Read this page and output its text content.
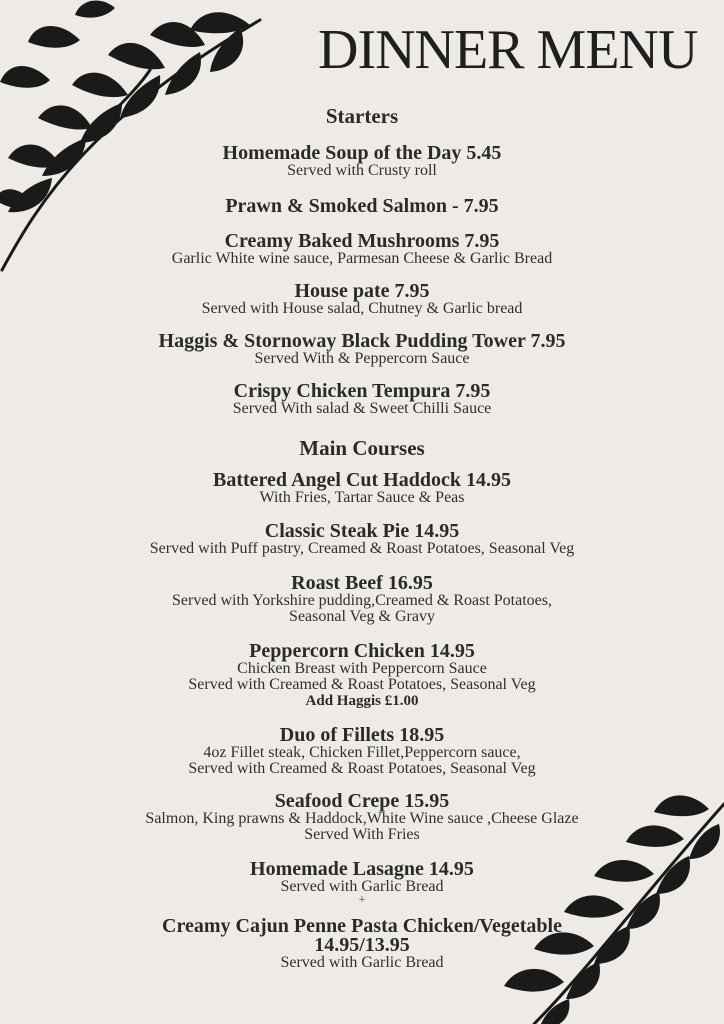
DINNER MENU
Starters
Homemade Soup of the Day 5.45
Served with Crusty roll
Prawn & Smoked Salmon - 7.95
Creamy Baked Mushrooms 7.95
Garlic White wine sauce, Parmesan Cheese & Garlic Bread
House pate 7.95
Served with House salad, Chutney & Garlic bread
Haggis & Stornoway Black Pudding Tower 7.95
Served With & Peppercorn Sauce
Crispy Chicken Tempura 7.95
Served With salad & Sweet Chilli Sauce
Main Courses
Battered Angel Cut Haddock 14.95
With Fries, Tartar Sauce & Peas
Classic Steak Pie 14.95
Served with Puff pastry, Creamed & Roast Potatoes, Seasonal Veg
Roast Beef 16.95
Served with Yorkshire pudding,Creamed & Roast Potatoes,
Seasonal Veg & Gravy
Peppercorn Chicken 14.95
Chicken Breast with Peppercorn Sauce
Served with Creamed & Roast Potatoes, Seasonal Veg
Add Haggis £1.00
Duo of Fillets 18.95
4oz Fillet steak, Chicken Fillet,Peppercorn sauce,
Served with Creamed & Roast Potatoes, Seasonal Veg
Seafood Crepe 15.95
Salmon, King prawns & Haddock,White Wine sauce ,Cheese Glaze
Served With Fries
Homemade Lasagne 14.95
Served with Garlic Bread
+
Creamy Cajun Penne Pasta Chicken/Vegetable
14.95/13.95
Served with Garlic Bread
